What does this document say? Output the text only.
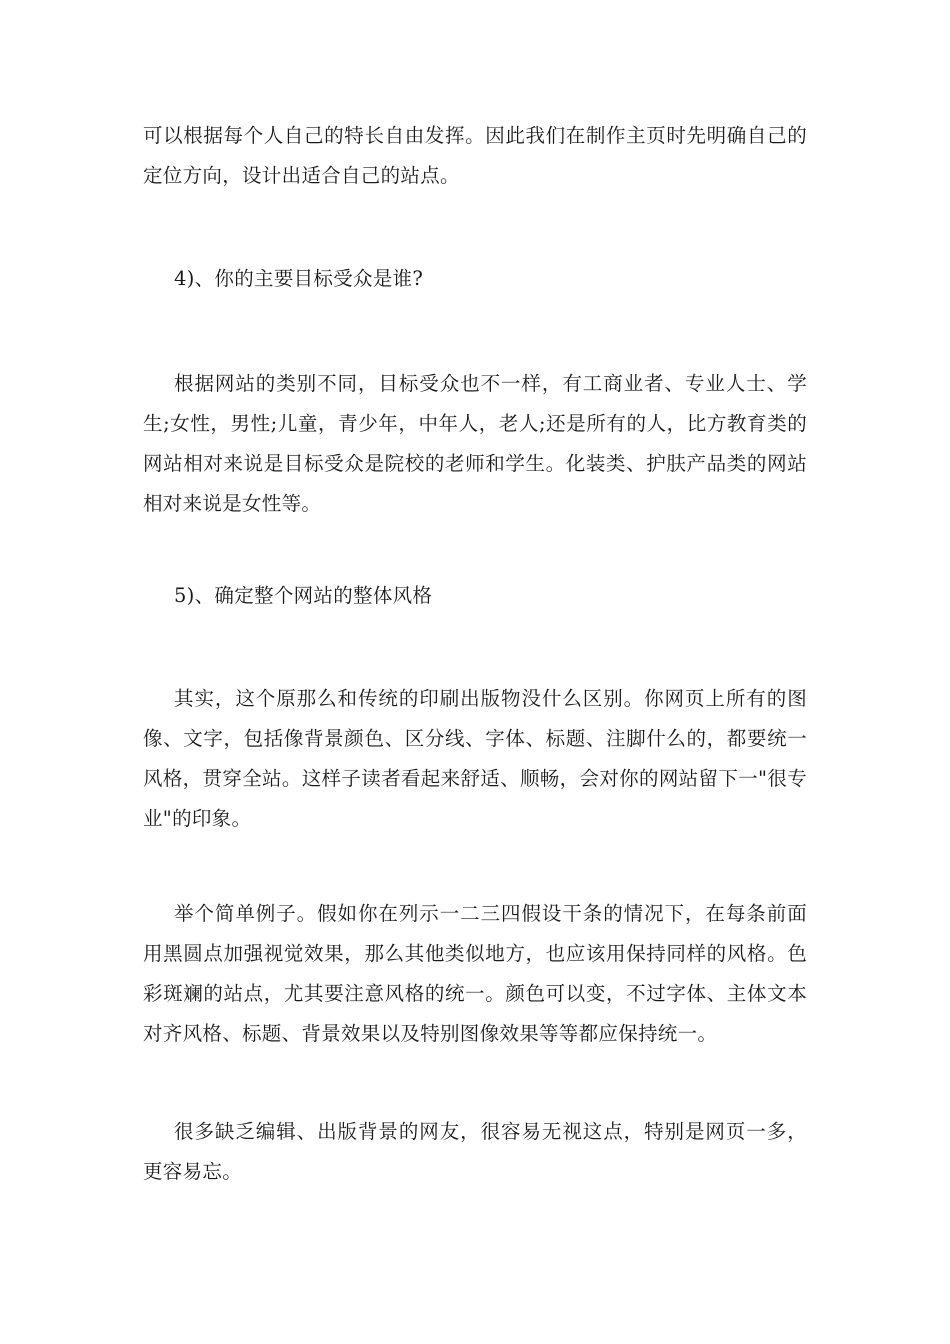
可以根据每个人自己的特长自由发挥。因此我们在制作主页时先明确自己的定位方向，设计出适合自己的站点。

4)、你的主要目标受众是谁?

根据网站的类别不同，目标受众也不一样，有工商业者、专业人士、学生;女性，男性;儿童，青少年，中年人，老人;还是所有的人，比方教育类的网站相对来说是目标受众是院校的老师和学生。化装类、护肤产品类的网站相对来说是女性等。

5)、确定整个网站的整体风格

其实，这个原那么和传统的印刷出版物没什么区别。你网页上所有的图像、文字，包括像背景颜色、区分线、字体、标题、注脚什么的，都要统一风格，贯穿全站。这样子读者看起来舒适、顺畅，会对你的网站留下一"很专业"的印象。

举个简单例子。假如你在列示一二三四假设干条的情况下，在每条前面用黑圆点加强视觉效果，那么其他类似地方，也应该用保持同样的风格。色彩斑斓的站点，尤其要注意风格的统一。颜色可以变，不过字体、主体文本对齐风格、标题、背景效果以及特别图像效果等等都应保持统一。

很多缺乏编辑、出版背景的网友，很容易无视这点，特别是网页一多，更容易忘。
